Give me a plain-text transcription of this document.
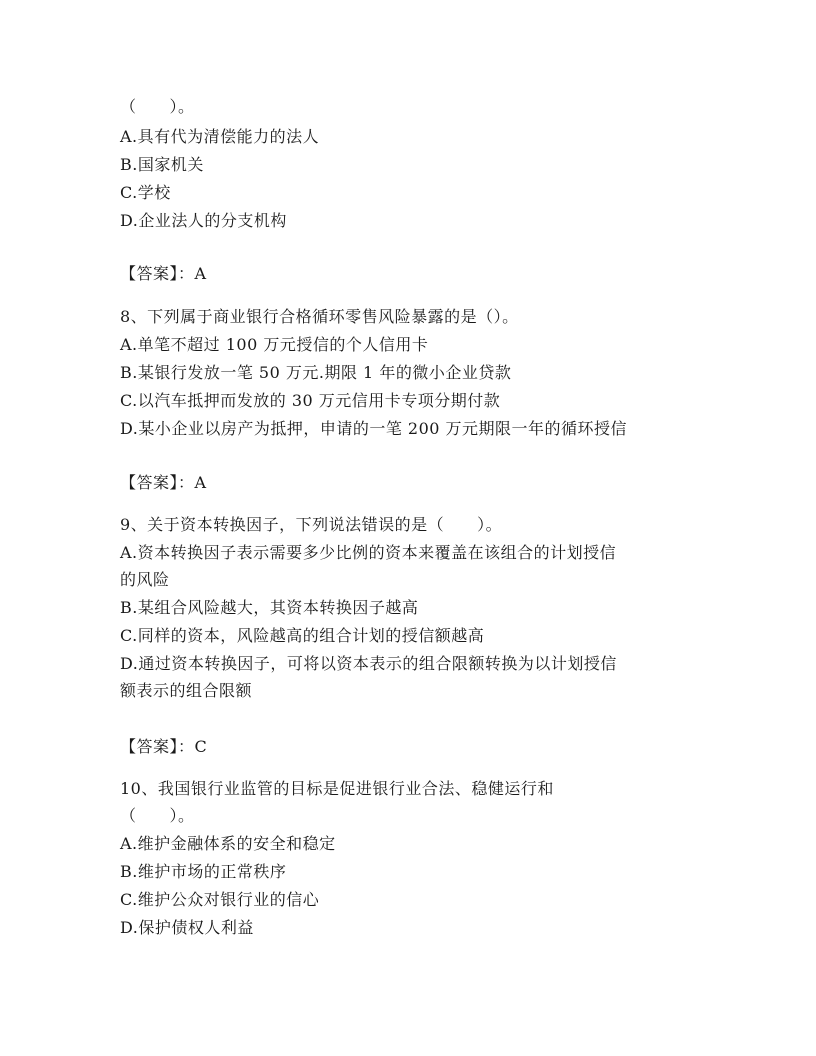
（　　）。
A.具有代为清偿能力的法人
B.国家机关
C.学校
D.企业法人的分支机构
【答案】：A
8、下列属于商业银行合格循环零售风险暴露的是（）。
A.单笔不超过 100 万元授信的个人信用卡
B.某银行发放一笔 50 万元.期限 1 年的微小企业贷款
C.以汽车抵押而发放的 30 万元信用卡专项分期付款
D.某小企业以房产为抵押，申请的一笔 200 万元期限一年的循环授信
【答案】：A
9、关于资本转换因子，下列说法错误的是（　　）。
A.资本转换因子表示需要多少比例的资本来覆盖在该组合的计划授信
的风险
B.某组合风险越大，其资本转换因子越高
C.同样的资本，风险越高的组合计划的授信额越高
D.通过资本转换因子，可将以资本表示的组合限额转换为以计划授信
额表示的组合限额
【答案】：C
10、我国银行业监管的目标是促进银行业合法、稳健运行和
（　　）。
A.维护金融体系的安全和稳定
B.维护市场的正常秩序
C.维护公众对银行业的信心
D.保护债权人利益
